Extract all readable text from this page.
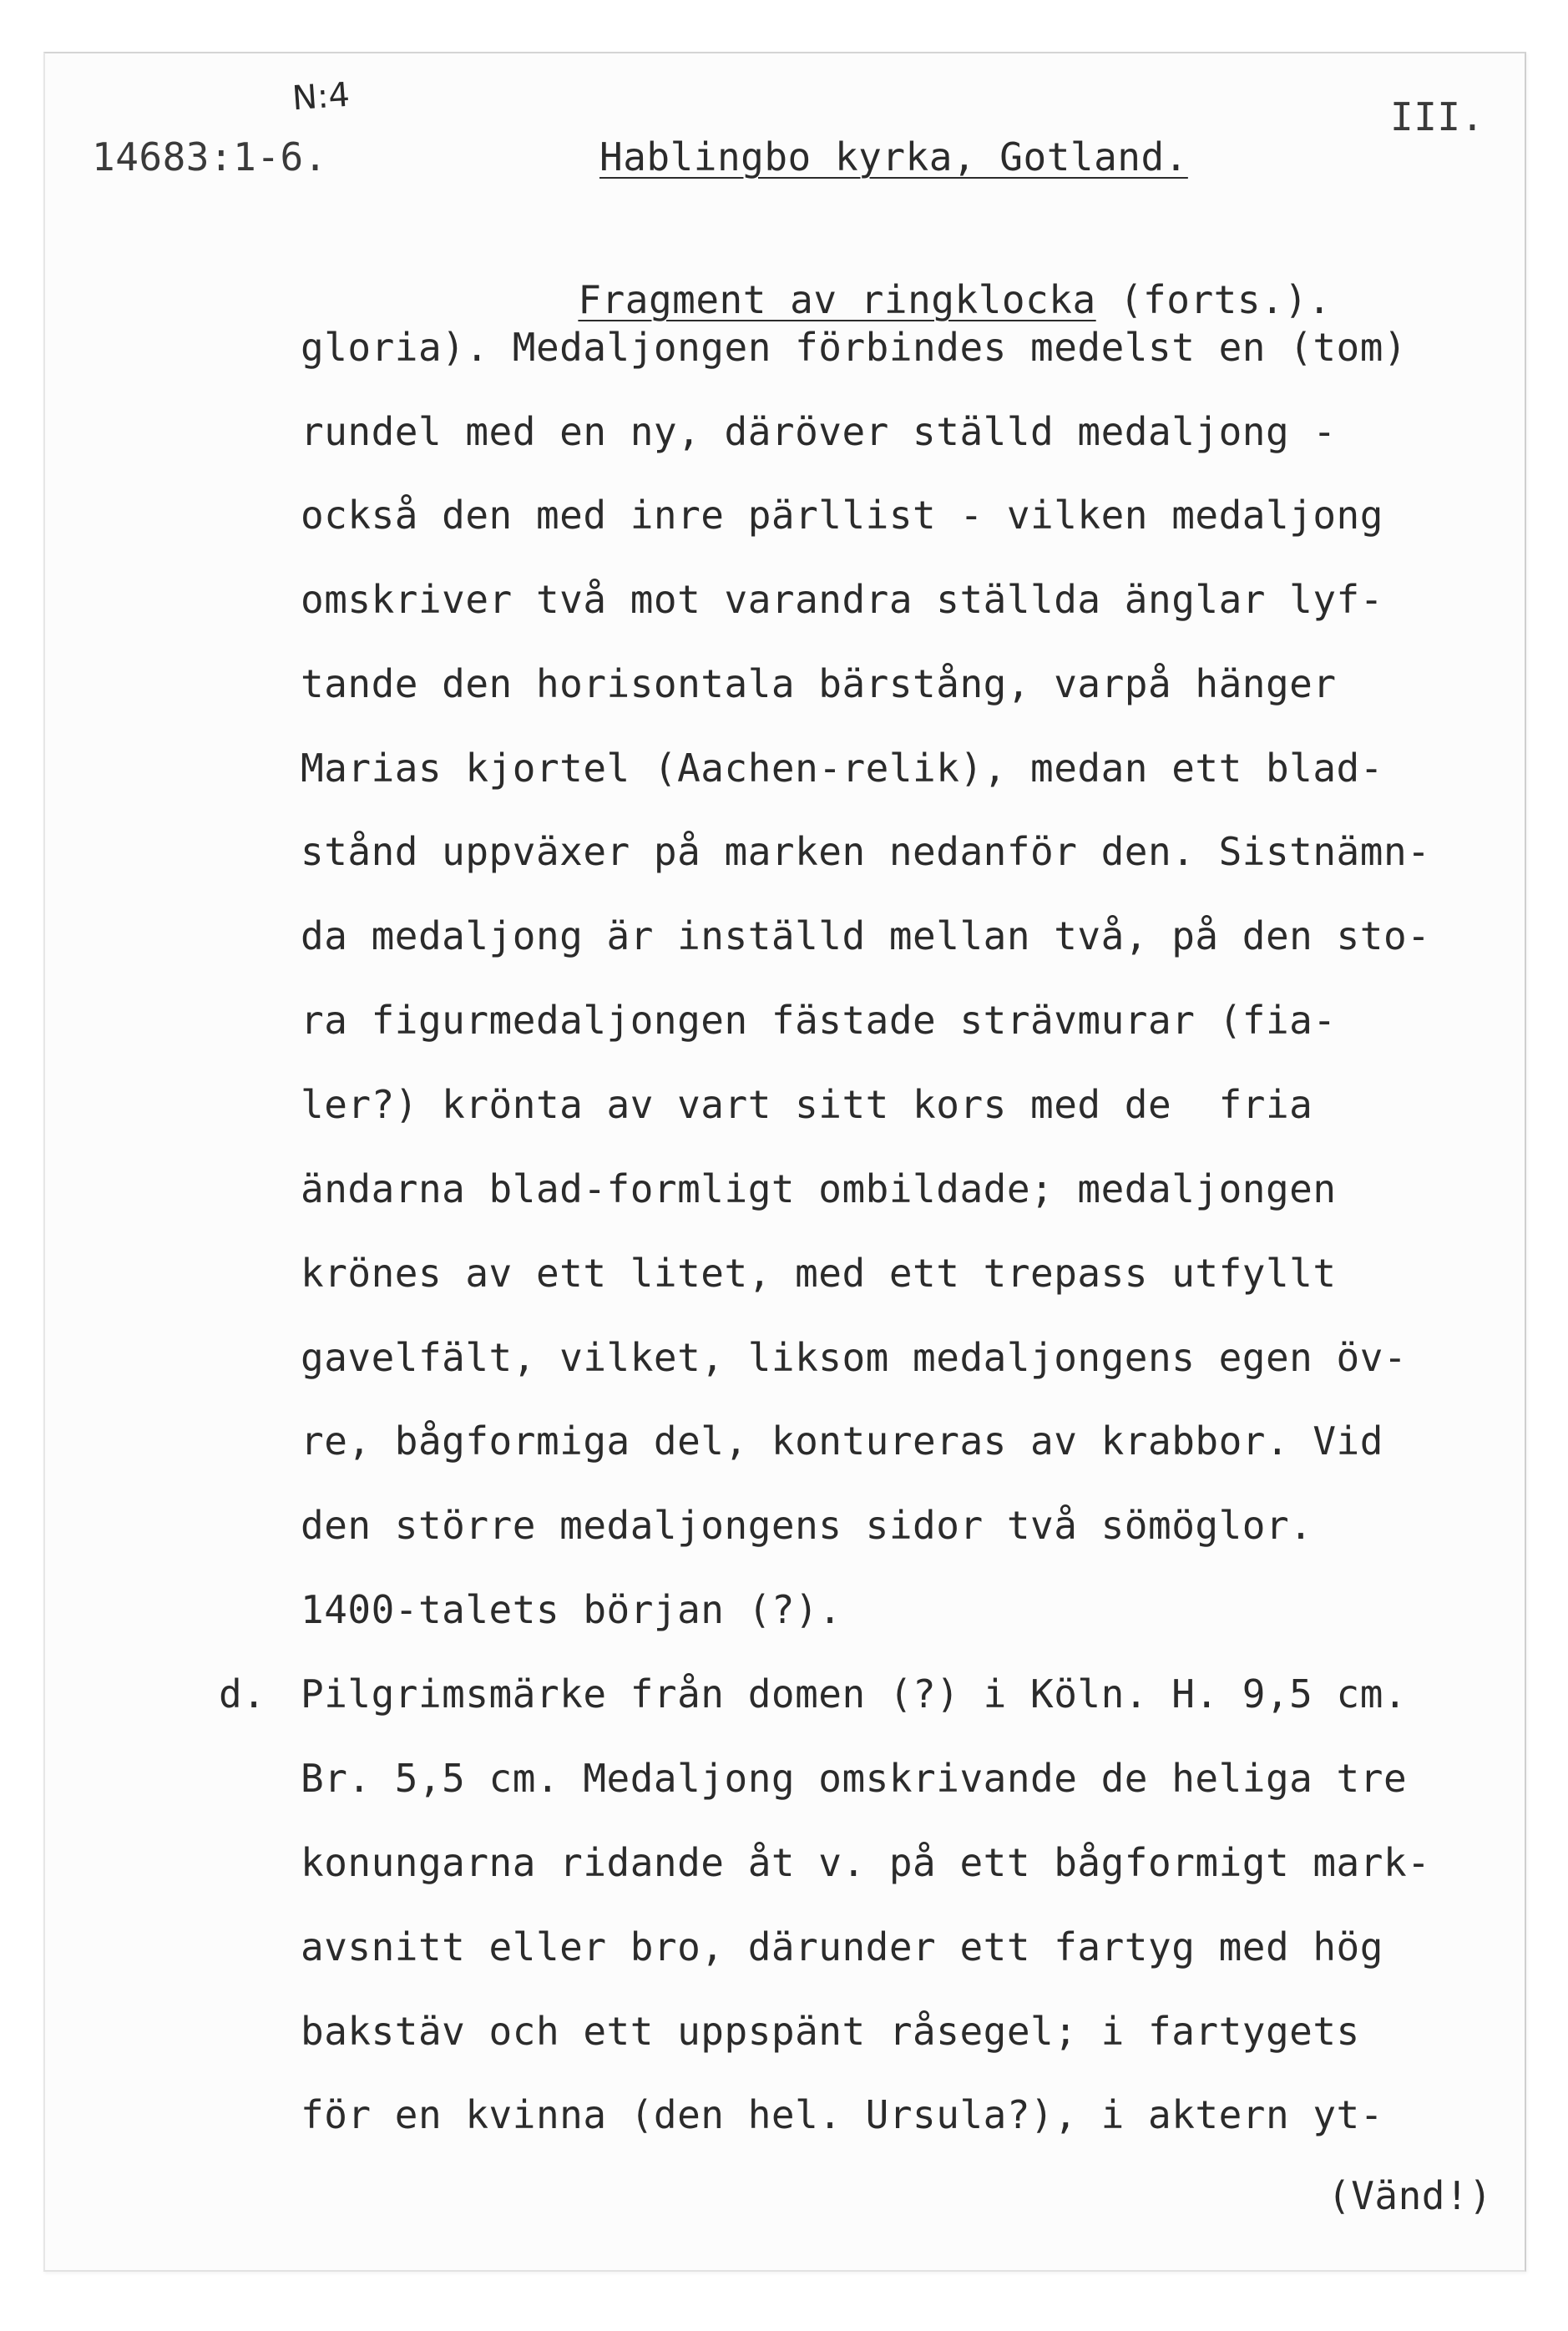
N:4
14683:1-6.	Hablingbo kyrka, Gotland.
III.

Fragment av ringklocka (forts.).

gloria). Medaljongen förbindes medelst en (tom)
rundel med en ny, däröver ställd medaljong -
också den med inre pärllist - vilken medaljong
omskriver två mot varandra ställda änglar lyf-
tande den horisontala bärstång, varpå hänger
Marias kjortel (Aachen-relik), medan ett blad-
stånd uppväxer på marken nedanför den. Sistnämn-
da medaljong är inställd mellan två, på den sto-
ra figurmedaljongen fästade strävmurar (fia-
ler?) krönta av vart sitt kors med de  fria
ändarna blad-formligt ombildade; medaljongen
krönes av ett litet, med ett trepass utfyllt
gavelfält, vilket, liksom medaljongens egen öv-
re, bågformiga del, kontureras av krabbor. Vid
den större medaljongens sidor två sömöglor.
1400-talets början (?).
d. Pilgrimsmärke från domen (?) i Köln. H. 9,5 cm.
Br. 5,5 cm. Medaljong omskrivande de heliga tre
konungarna ridande åt v. på ett bågformigt mark-
avsnitt eller bro, därunder ett fartyg med hög
bakstäv och ett uppspänt råsegel; i fartygets
för en kvinna (den hel. Ursula?), i aktern yt-
(Vänd!)
